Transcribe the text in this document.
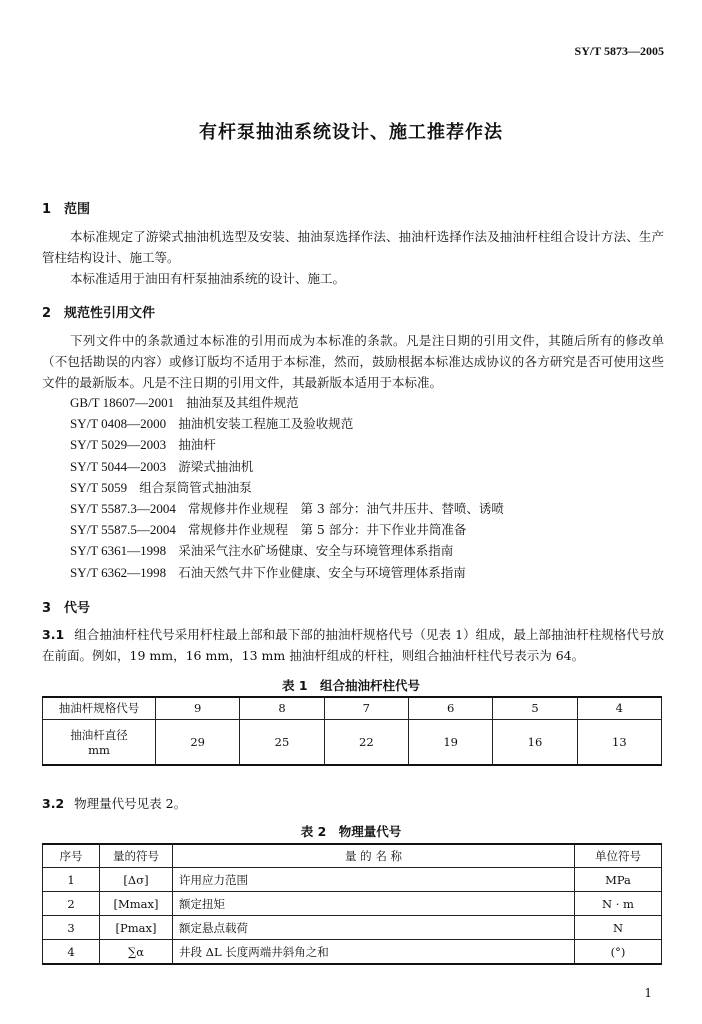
SY/T 5873—2005
有杆泵抽油系统设计、施工推荐作法
1 范围
本标准规定了游梁式抽油机选型及安装、抽油泵选择作法、抽油杆选择作法及抽油杆柱组合设计方法、生产管柱结构设计、施工等。
本标准适用于油田有杆泵抽油系统的设计、施工。
2 规范性引用文件
下列文件中的条款通过本标准的引用而成为本标准的条款。凡是注日期的引用文件，其随后所有的修改单（不包括勘误的内容）或修订版均不适用于本标准，然而，鼓励根据本标准达成协议的各方研究是否可使用这些文件的最新版本。凡是不注日期的引用文件，其最新版本适用于本标准。
GB/T 18607—2001 抽油泵及其组件规范
SY/T 0408—2000 抽油机安装工程施工及验收规范
SY/T 5029—2003 抽油杆
SY/T 5044—2003 游梁式抽油机
SY/T 5059 组合泵筒管式抽油泵
SY/T 5587.3—2004 常规修井作业规程　第 3 部分：油气井压井、替喷、诱喷
SY/T 5587.5—2004 常规修井作业规程　第 5 部分：井下作业井筒准备
SY/T 6361—1998 采油采气注水矿场健康、安全与环境管理体系指南
SY/T 6362—1998 石油天然气井下作业健康、安全与环境管理体系指南
3 代号
3.1 组合抽油杆柱代号采用杆柱最上部和最下部的抽油杆规格代号（见表 1）组成，最上部抽油杆柱规格代号放在前面。例如，19 mm，16 mm，13 mm 抽油杆组成的杆柱，则组合抽油杆柱代号表示为 64。
表 1　组合抽油杆柱代号
抽油杆规格代号	9	8	7	6	5	4

抽油杆直径
mm	29	25	22	19	16	13
3.2 物理量代号见表 2。
表 2　物理量代号
序号	量的符号	量 的 名 称	单位符号
1	[Δσ]	许用应力范围	MPa
2	[Mmax]	额定扭矩	N · m
3	[Pmax]	额定悬点载荷	N
4	∑α	井段 ΔL 长度两端井斜角之和	(°)
1
